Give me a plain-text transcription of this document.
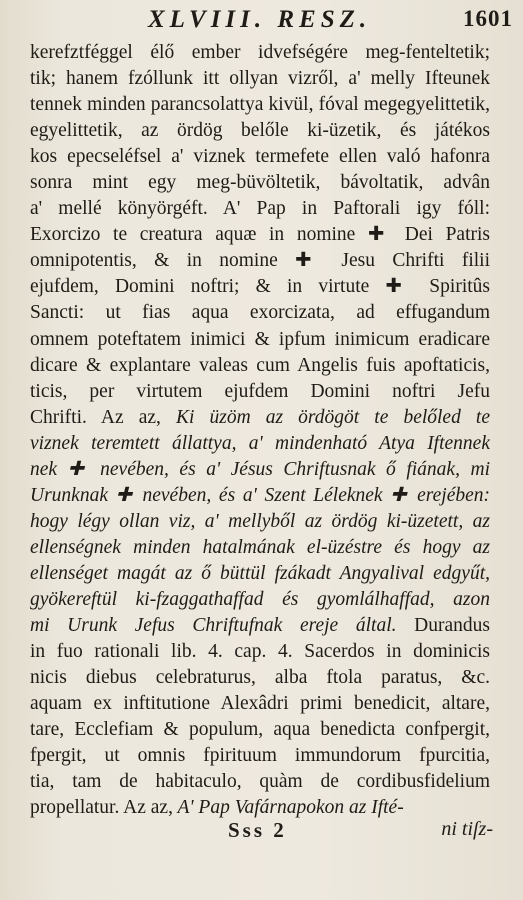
XLVIII. RESZ.	1601
kerefztféggel élő ember idvefségére meg-fenteltetik;
tik; hanem fzóllunk itt ollyan vizről, a' melly Ifteunek
tennek minden parancsolattya kivül, fóval megegyelittetik,
egyelittetik, az ördög belőle ki-üzetik, és játékos
kos epecseléfsel a' viznek termefete ellen való hafonra
sonra mint egy meg-büvöltetik, bávoltatik, advân
a' mellé könyörgéft. A' Pap in Paftorali igy fóll:
Exorcizo te creatura aquæ in nomine ✚ Dei Patris
omnipotentis, & in nomine ✚ Jesu Chrifti filii
ejufdem, Domini noftri; & in virtute ✚ Spiritûs
Sancti: ut fias aqua exorcizata, ad effugandum
omnem poteftatem inimici & ipfum inimicum eradicare
dicare & explantare valeas cum Angelis fuis apoftaticis,
ticis, per virtutem ejufdem Domini noftri Jefu
Chrifti. Az az, Ki üzöm az ördögöt te belőled te
viznek teremtett állattya, a' mindenható Atya Iftennek
nek ✚ nevében, és a' Jésus Chriftusnak ő fiának, mi
Urunknak ✚ nevében, és a' Szent Léleknek ✚ erejében:
hogy légy ollan viz, a' mellyből az ördög ki-üzetett, az
ellenségnek minden hatalmának el-üzéstre és hogy az
ellenséget magát az ő büttül fzákadt Angyalival edgyűt,
gyökereftül ki-fzaggathaffad és gyomlálhaffad, azon
mi Urunk Jefus Chriftufnak ereje által. Durandus
in fuo rationali lib. 4. cap. 4. Sacerdos in dominicis
nicis diebus celebraturus, alba ftola paratus, &c.
aquam ex inftitutione Alexâdri primi benedicit, altare,
tare, Ecclefiam & populum, aqua benedicta confpergit,
fpergit, ut omnis fpirituum immundorum fpurcitia,
tia, tam de habitaculo, quàm de cordibusfidelium
propellatur. Az az, A' Pap Vafárnapokon az Ifté-
Sss 2	ni tiſz-
